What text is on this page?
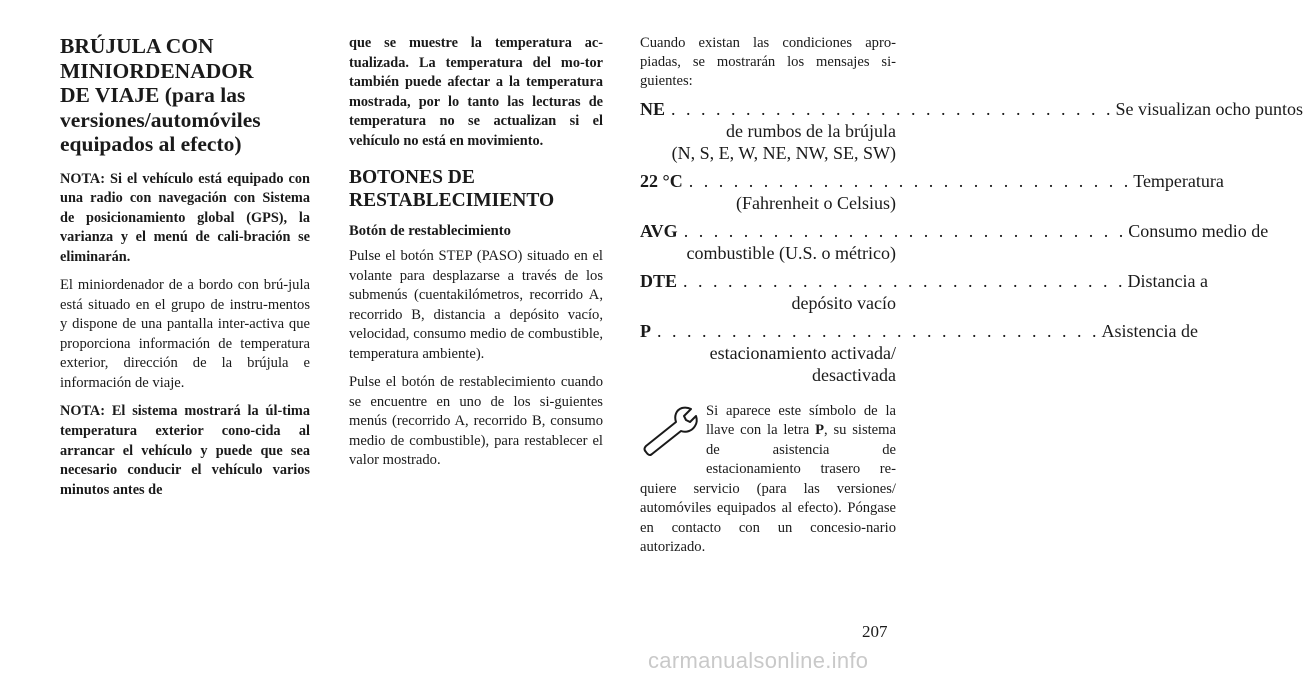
BRÚJULA CON
MINIORDENADOR
DE VIAJE (para las
versiones/automóviles
equipados al efecto)

NOTA: Si el vehículo está equipado con una radio con navegación con Sistema de posicionamiento global (GPS), la varianza y el menú de cali-bración se eliminarán.

El miniordenador de a bordo con brú-jula está situado en el grupo de instru-mentos y dispone de una pantalla inter-activa que proporciona información de temperatura exterior, dirección de la brújula e información de viaje.

NOTA: El sistema mostrará la úl-tima temperatura exterior cono-cida al arrancar el vehículo y puede que sea necesario conducir el vehículo varios minutos antes de

que se muestre la temperatura ac-tualizada. La temperatura del mo-tor también puede afectar a la temperatura mostrada, por lo tanto las lecturas de temperatura no se actualizan si el vehículo no está en movimiento.

BOTONES DE
RESTABLECIMIENTO
Botón de restablecimiento

Pulse el botón STEP (PASO) situado en el volante para desplazarse a través de los submenús (cuentakilómetros, recorrido A, recorrido B, distancia a depósito vacío, velocidad, consumo medio de combustible, temperatura ambiente).

Pulse el botón de restablecimiento cuando se encuentre en uno de los si-guientes menús (recorrido A, recorrido B, consumo medio de combustible), para restablecer el valor mostrado.

Cuando existan las condiciones apro-piadas, se mostrarán los mensajes si-guientes:

NE . . . . . . . . . . . . . . . . . . . . . . . . . . . . . . Se visualizan ocho puntos
de rumbos de la brújula
(N, S, E, W, NE, NW, SE, SW)
22 °C . . . . . . . . . . . . . . . . . . . . . . . . . . . . . . Temperatura
(Fahrenheit o Celsius)
AVG . . . . . . . . . . . . . . . . . . . . . . . . . . . . . . Consumo medio de
combustible (U.S. o métrico)
DTE . . . . . . . . . . . . . . . . . . . . . . . . . . . . . . Distancia a
depósito vacío
P . . . . . . . . . . . . . . . . . . . . . . . . . . . . . . Asistencia de
estacionamiento activada/
desactivada
Si aparece este símbolo de la llave con la letra P, su sistema de asistencia de estacionamiento trasero re-quiere servicio (para las versiones/ automóviles equipados al efecto). Póngase en contacto con un concesio-nario autorizado.
207
carmanualsonline.info
